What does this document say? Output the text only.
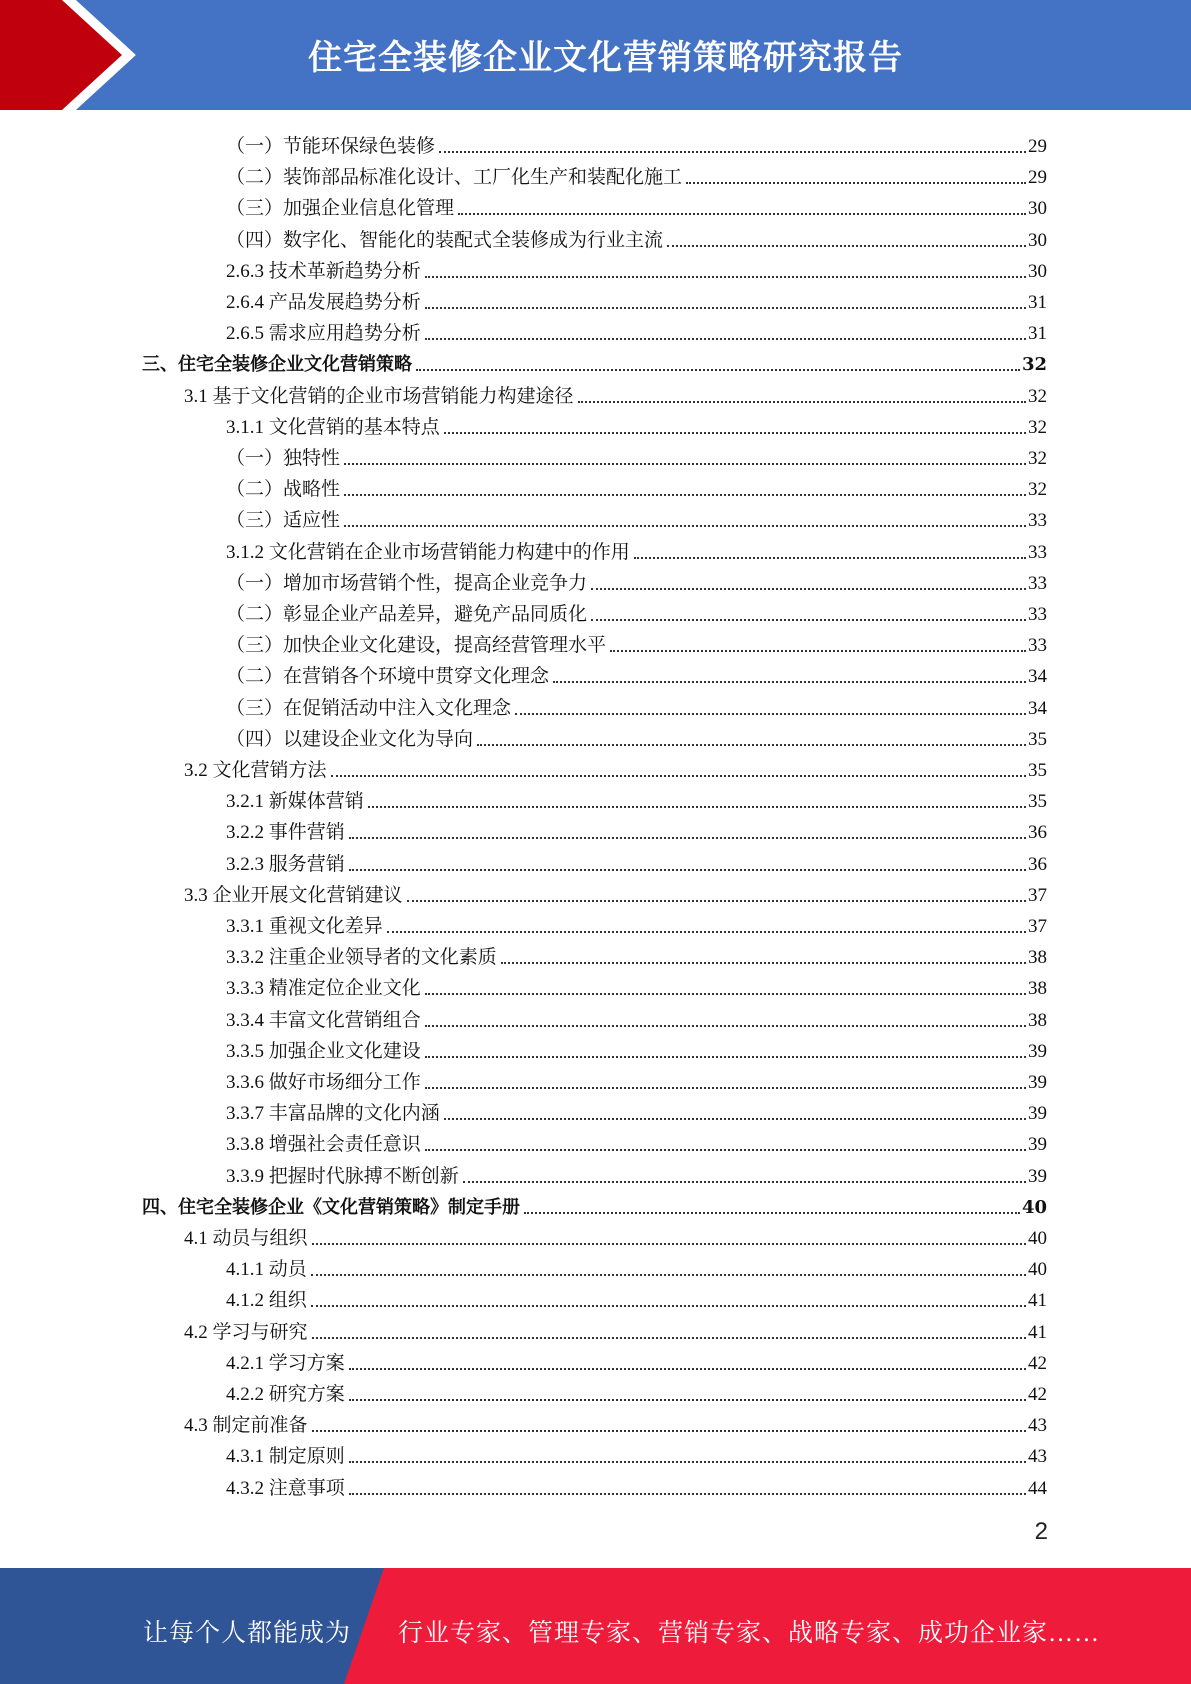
住宅全装修企业文化营销策略研究报告
（一）节能环保绿色装修	29
（二）装饰部品标准化设计、工厂化生产和装配化施工	29
（三）加强企业信息化管理	30
（四）数字化、智能化的装配式全装修成为行业主流	30
2.6.3 技术革新趋势分析	30
2.6.4 产品发展趋势分析	31
2.6.5 需求应用趋势分析	31
三、住宅全装修企业文化营销策略	32
3.1 基于文化营销的企业市场营销能力构建途径	32
3.1.1 文化营销的基本特点	32
（一）独特性	32
（二）战略性	32
（三）适应性	33
3.1.2 文化营销在企业市场营销能力构建中的作用	33
（一）增加市场营销个性，提高企业竞争力	33
（二）彰显企业产品差异，避免产品同质化	33
（三）加快企业文化建设，提高经营管理水平	33
（二）在营销各个环境中贯穿文化理念	34
（三）在促销活动中注入文化理念	34
（四）以建设企业文化为导向	35
3.2 文化营销方法	35
3.2.1 新媒体营销	35
3.2.2 事件营销	36
3.2.3 服务营销	36
3.3 企业开展文化营销建议	37
3.3.1 重视文化差异	37
3.3.2 注重企业领导者的文化素质	38
3.3.3 精准定位企业文化	38
3.3.4 丰富文化营销组合	38
3.3.5 加强企业文化建设	39
3.3.6 做好市场细分工作	39
3.3.7 丰富品牌的文化内涵	39
3.3.8 增强社会责任意识	39
3.3.9 把握时代脉搏不断创新	39
四、住宅全装修企业《文化营销策略》制定手册	40
4.1 动员与组织	40
4.1.1 动员	40
4.1.2 组织	41
4.2 学习与研究	41
4.2.1 学习方案	42
4.2.2 研究方案	42
4.3 制定前准备	43
4.3.1 制定原则	43
4.3.2 注意事项	44
2
让每个人都能成为 行业专家、管理专家、营销专家、战略专家、成功企业家……
